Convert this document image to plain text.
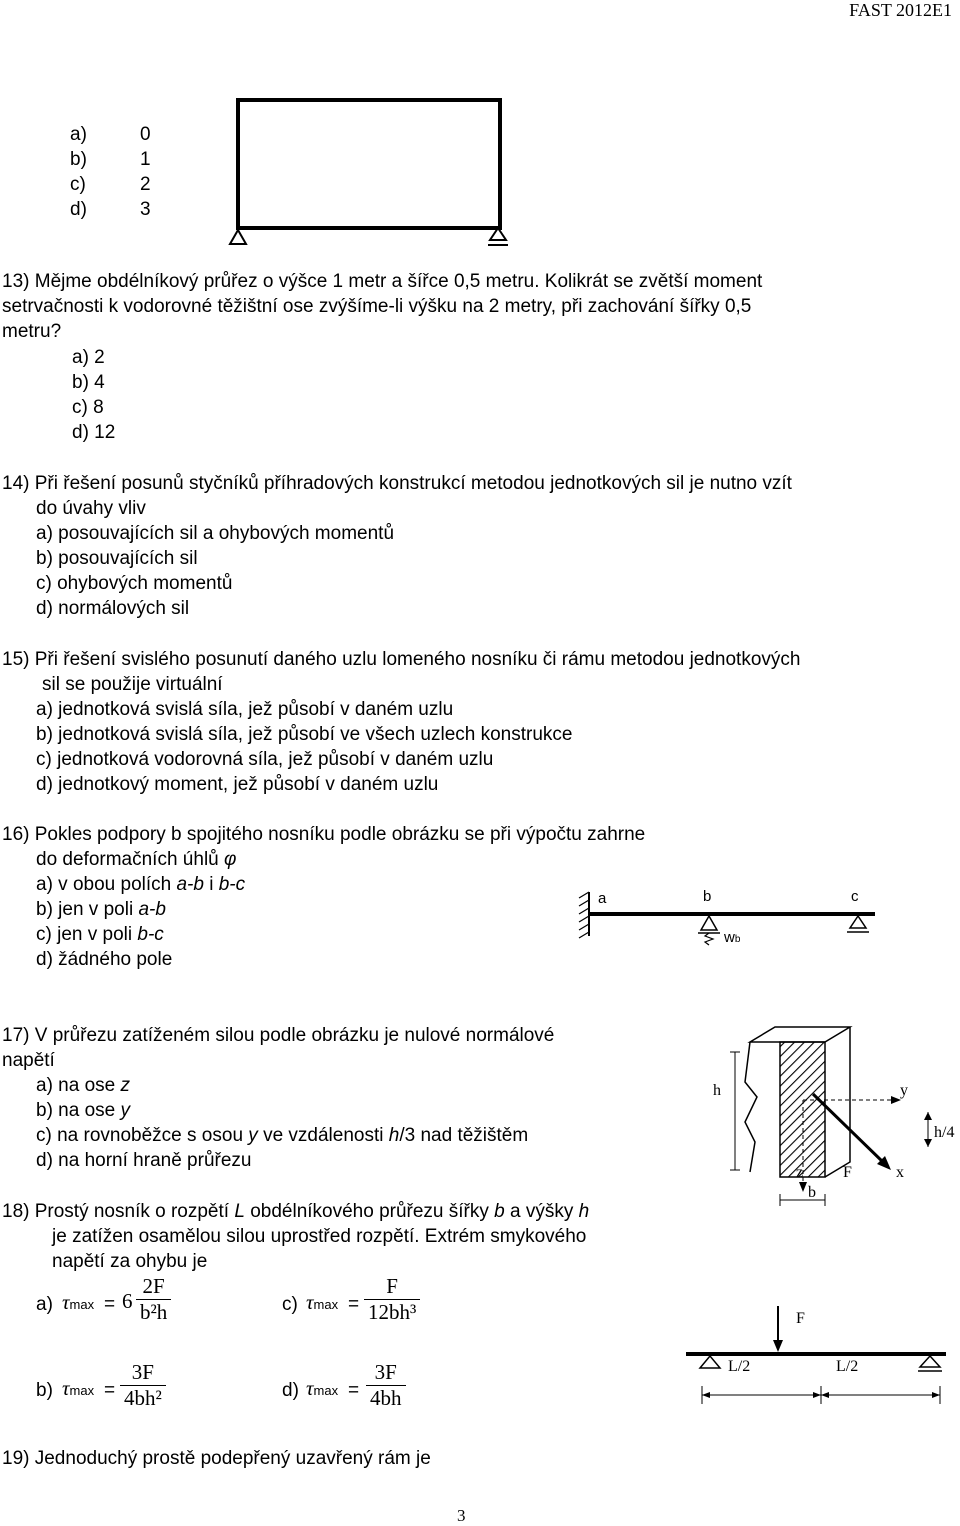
FAST 2012E1
a)	0
b)	1
c)	2
d)	3
13) Mějme obdélníkový průřez o výšce 1 metr a šířce 0,5 metru. Kolikrát se zvětší moment
setrvačnosti k vodorovné těžištní ose zvýšíme-li výšku na 2 metry, při zachování šířky 0,5
metru?
a) 2
b) 4
c) 8
d) 12
14) Při řešení posunů styčníků příhradových konstrukcí metodou jednotkových sil je nutno vzít
do úvahy vliv
a) posouvajících sil a ohybových momentů
b) posouvajících sil
c) ohybových momentů
d) normálových sil
15) Při řešení svislého posunutí daného uzlu lomeného nosníku či rámu metodou jednotkových
sil se použije virtuální
a) jednotková svislá síla, jež působí v daném uzlu
b) jednotková svislá síla, jež působí ve všech uzlech konstrukce
c) jednotková vodorovná síla, jež působí v daném uzlu
d) jednotkový moment, jež působí v daném uzlu
16) Pokles podpory b spojitého nosníku podle obrázku se při výpočtu zahrne
do deformačních úhlů φ
a) v obou polích a-b i b-c
b) jen v poli a-b
c) jen v poli b-c
d) žádného pole
a	b	c
wb
17) V průřezu zatíženém silou podle obrázku je nulové normálové
napětí
a) na ose z
b) na ose y
c) na rovnoběžce s osou y ve vzdálenosti h/3 nad těžištěm
d) na horní hraně průřezu
h	y
h/4
z F	x
b
18) Prostý nosník o rozpětí L obdélníkového průřezu šířky b a výšky h
je zatížen osamělou silou uprostřed rozpětí. Extrém smykového
napětí za ohybu je
a) $\tau\max = 6 \frac{2F}{\text{b²h}}$	c) $\tau\max = \frac{F}{\text{12bh³}}$
b) $\tau\max = \frac{3F}{\text{4bh²}}$	d) $\tau\max = \frac{3F}{4bh}$
F
L/2	L/2
19) Jednoduchý prostě podepřený uzavřený rám je
3
